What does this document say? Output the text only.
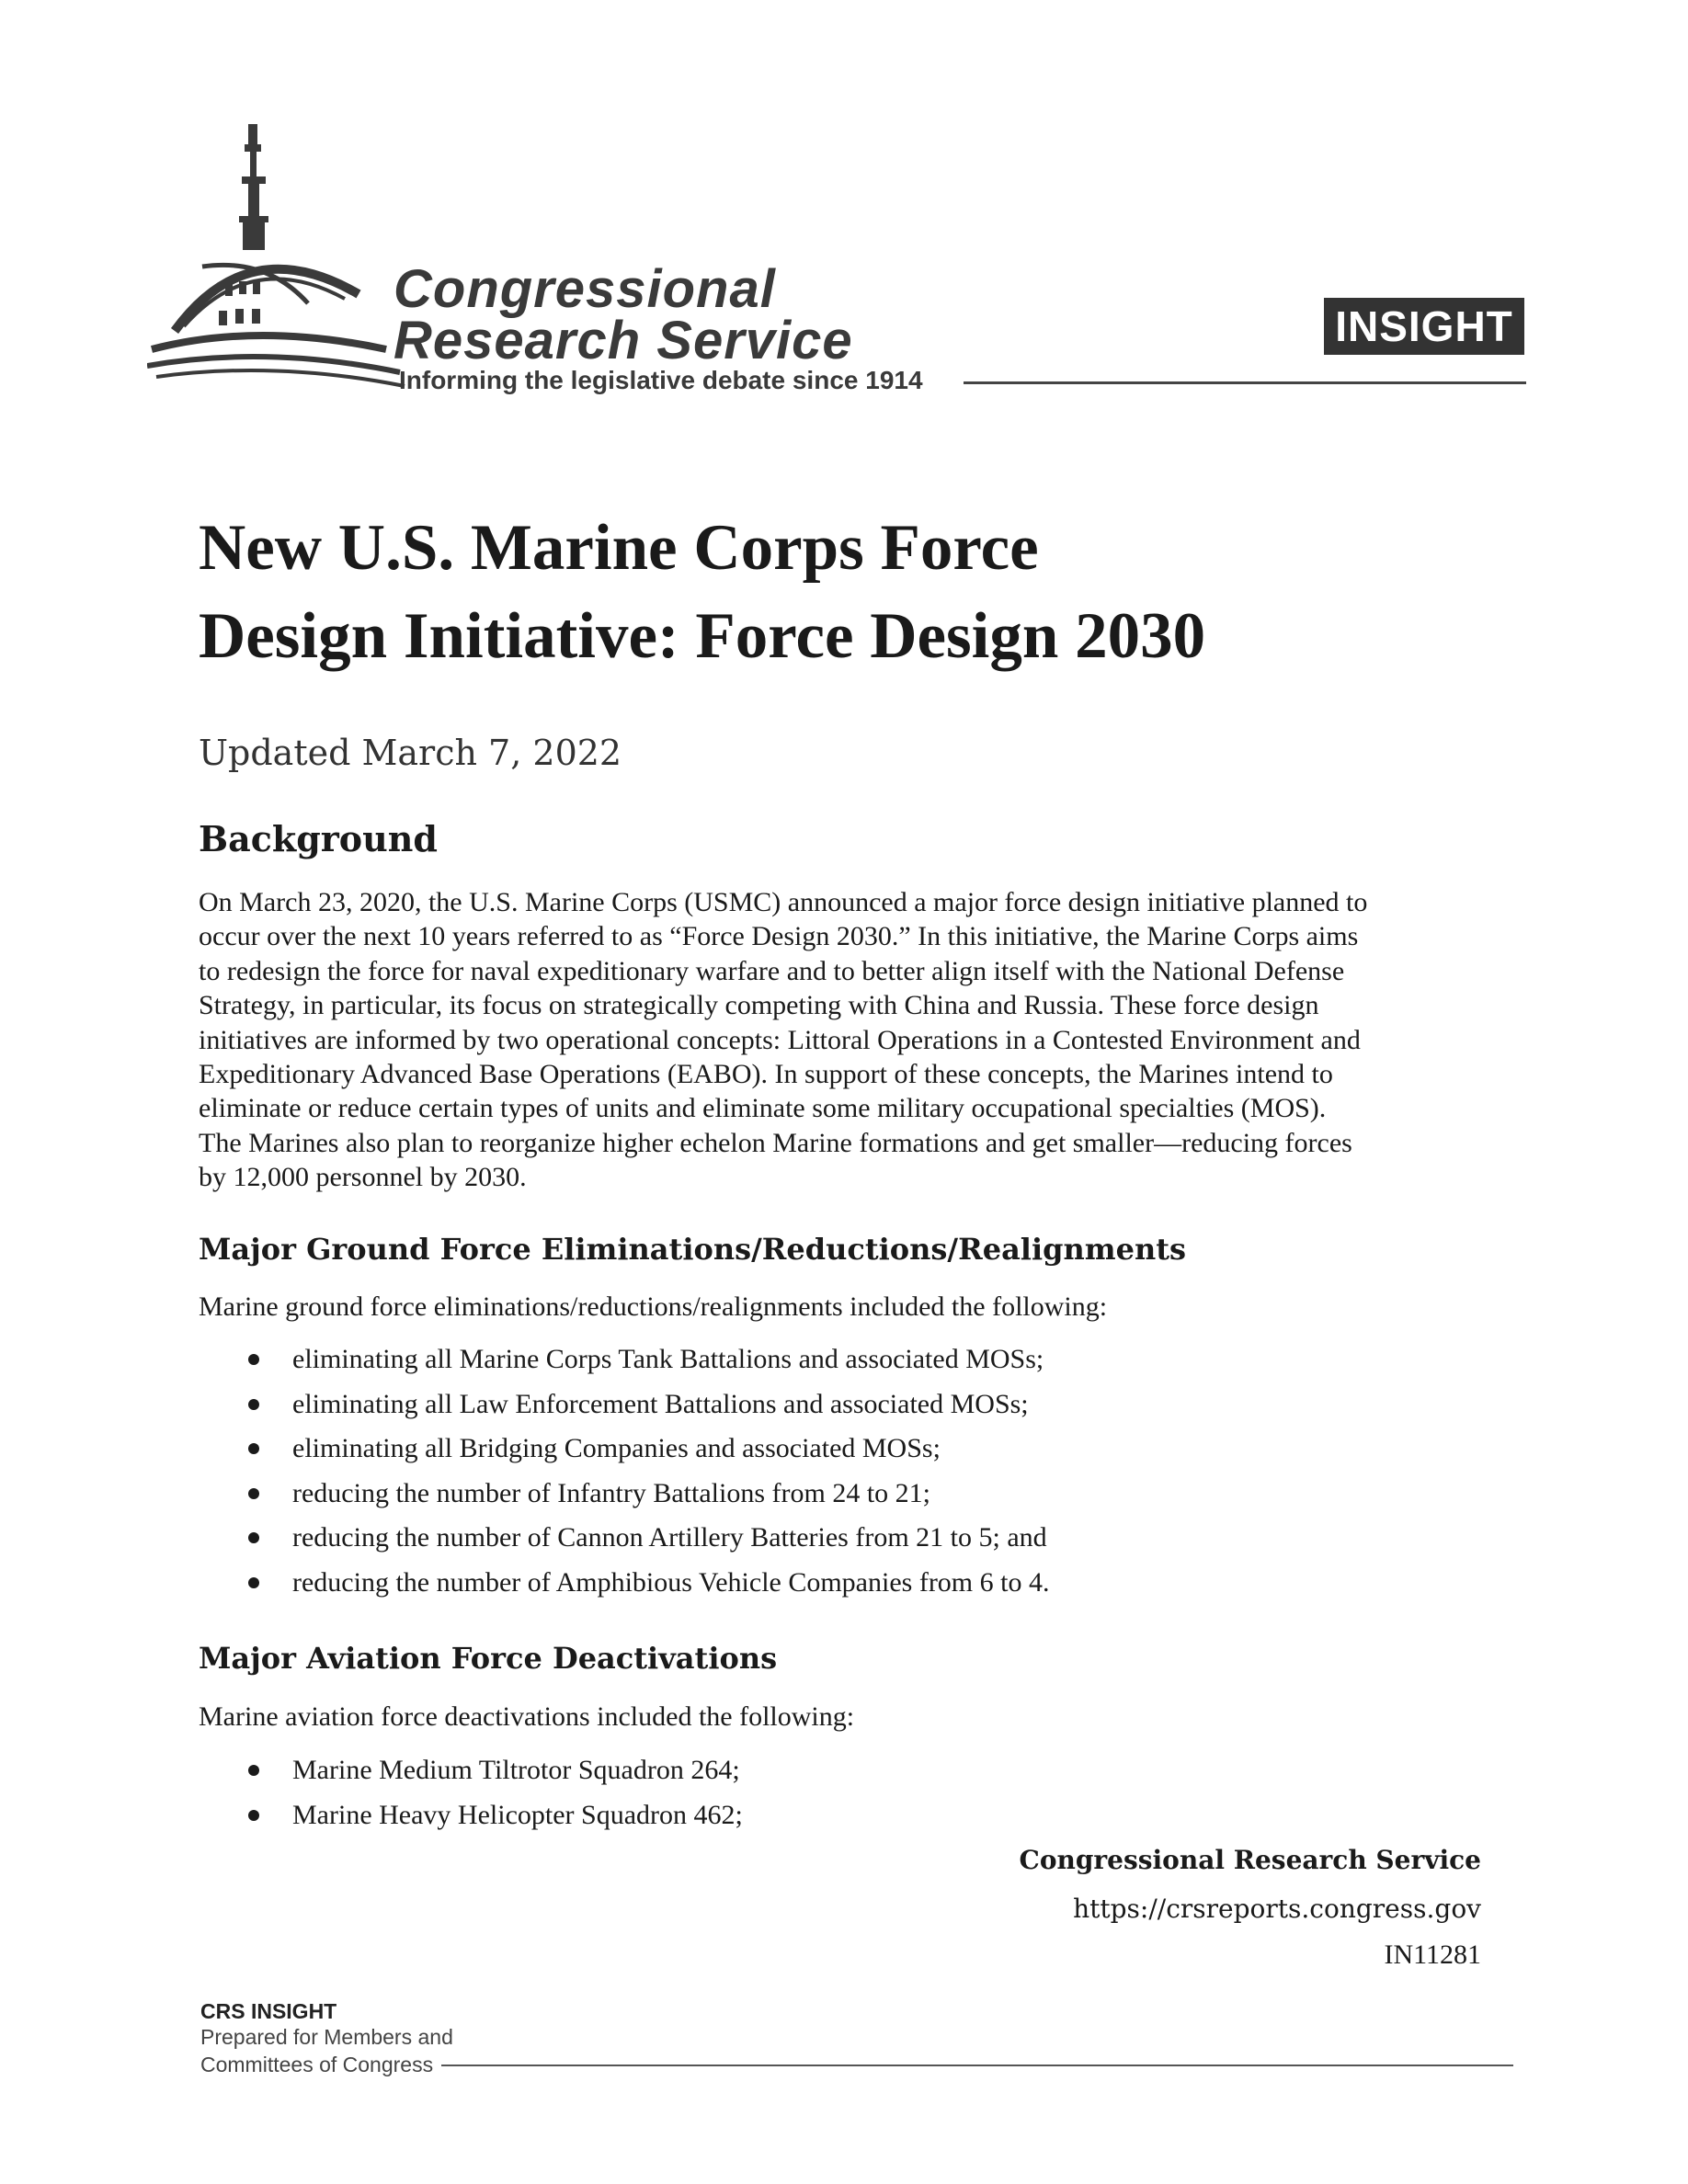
Congressional
Research Service
Informing the legislative debate since 1914
INSIGHT
New U.S. Marine Corps Force
Design Initiative: Force Design 2030
Updated March 7, 2022
Background
On March 23, 2020, the U.S. Marine Corps (USMC) announced a major force design initiative planned to
occur over the next 10 years referred to as “Force Design 2030.” In this initiative, the Marine Corps aims
to redesign the force for naval expeditionary warfare and to better align itself with the National Defense
Strategy, in particular, its focus on strategically competing with China and Russia. These force design
initiatives are informed by two operational concepts: Littoral Operations in a Contested Environment and
Expeditionary Advanced Base Operations (EABO). In support of these concepts, the Marines intend to
eliminate or reduce certain types of units and eliminate some military occupational specialties (MOS).
The Marines also plan to reorganize higher echelon Marine formations and get smaller—reducing forces
by 12,000 personnel by 2030.
Major Ground Force Eliminations/Reductions/Realignments
Marine ground force eliminations/reductions/realignments included the following:
eliminating all Marine Corps Tank Battalions and associated MOSs;
eliminating all Law Enforcement Battalions and associated MOSs;
eliminating all Bridging Companies and associated MOSs;
reducing the number of Infantry Battalions from 24 to 21;
reducing the number of Cannon Artillery Batteries from 21 to 5; and
reducing the number of Amphibious Vehicle Companies from 6 to 4.
Major Aviation Force Deactivations
Marine aviation force deactivations included the following:
Marine Medium Tiltrotor Squadron 264;
Marine Heavy Helicopter Squadron 462;
Congressional Research Service
https://crsreports.congress.gov
IN11281
CRS INSIGHT
Prepared for Members and
Committees of Congress
